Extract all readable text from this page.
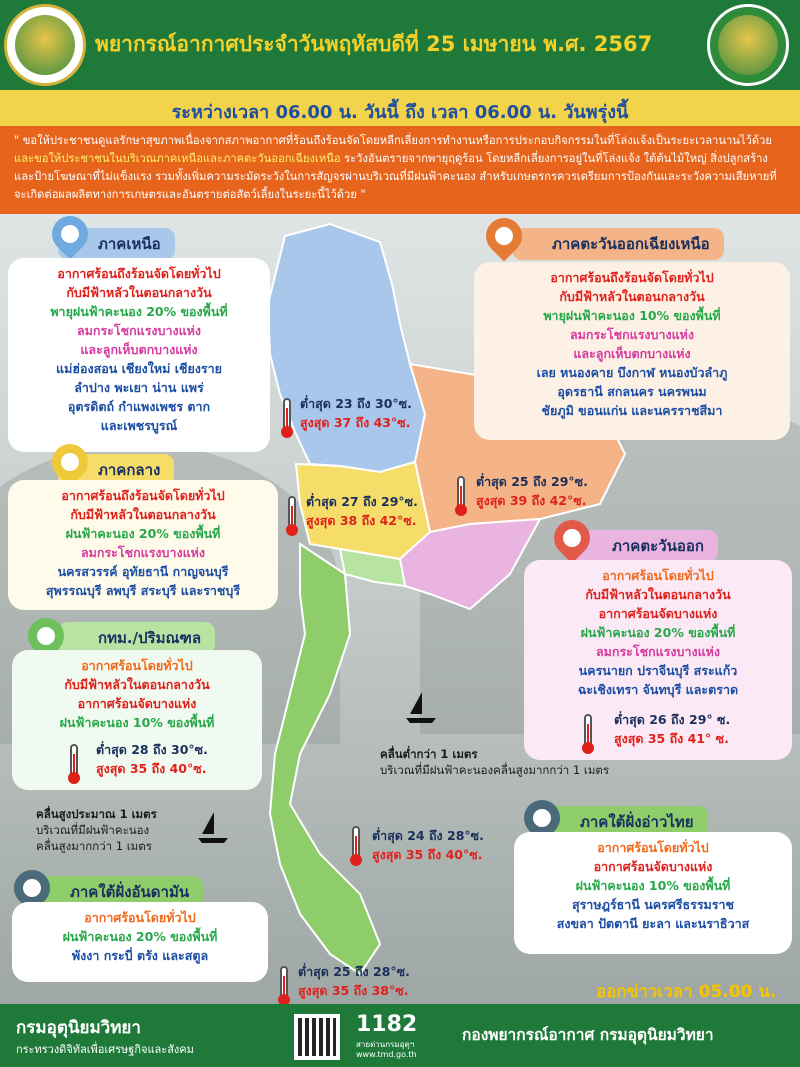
พยากรณ์อากาศประจำวันพฤหัสบดีที่ 25 เมษายน พ.ศ. 2567
ระหว่างเวลา 06.00 น. วันนี้ ถึง เวลา 06.00 น. วันพรุ่งนี้
" ขอให้ประชาชนดูแลรักษาสุขภาพเนื่องจากสภาพอากาศที่ร้อนถึงร้อนจัดโดยหลีกเลี่ยงการทำงานหรือการประกอบกิจกรรมในที่โล่งแจ้งเป็นระยะเวลานานไว้ด้วย และขอให้ประชาชนในบริเวณภาคเหนือและภาคตะวันออกเฉียงเหนือ ระวังอันตรายจากพายุฤดูร้อน โดยหลีกเลี่ยงการอยู่ในที่โล่งแจ้ง ใต้ต้นไม้ใหญ่ สิ่งปลูกสร้าง และป้ายโฆษณาที่ไม่แข็งแรง รวมทั้งเพิ่มความระมัดระวังในการสัญจรผ่านบริเวณที่มีฝนฟ้าคะนอง สำหรับเกษตรกรควรเตรียมการป้องกันและระวังความเสียหายที่จะเกิดต่อผลผลิตทางการเกษตรและอันตรายต่อสัตว์เลี้ยงในระยะนี้ไว้ด้วย "
ภาคเหนือ
อากาศร้อนถึงร้อนจัดโดยทั่วไป
กับมีฟ้าหลัวในตอนกลางวัน
พายุฝนฟ้าคะนอง 20% ของพื้นที่
ลมกระโชกแรงบางแห่ง
และลูกเห็บตกบางแห่ง
แม่ฮ่องสอน เชียงใหม่ เชียงราย
ลำปาง พะเยา น่าน แพร่
อุตรดิตถ์ กำแพงเพชร ตาก
และเพชรบูรณ์
ต่ำสุด 23 ถึง 30°ซ.
สูงสุด 37 ถึง 43°ซ.
ภาคตะวันออกเฉียงเหนือ
อากาศร้อนถึงร้อนจัดโดยทั่วไป
กับมีฟ้าหลัวในตอนกลางวัน
พายุฝนฟ้าคะนอง 10% ของพื้นที่
ลมกระโชกแรงบางแห่ง
และลูกเห็บตกบางแห่ง
เลย หนองคาย บึงกาฬ หนองบัวลำภู
อุดรธานี สกลนคร นครพนม
ชัยภูมิ ขอนแก่น และนครราชสีมา
ต่ำสุด 25 ถึง 29°ซ.
สูงสุด 39 ถึง 42°ซ.
ภาคกลาง
อากาศร้อนถึงร้อนจัดโดยทั่วไป
กับมีฟ้าหลัวในตอนกลางวัน
ฝนฟ้าคะนอง 20% ของพื้นที่
ลมกระโชกแรงบางแห่ง
นครสวรรค์ อุทัยธานี กาญจนบุรี
สุพรรณบุรี ลพบุรี สระบุรี และราชบุรี
ต่ำสุด 27 ถึง 29°ซ.
สูงสุด 38 ถึง 42°ซ.
ภาคตะวันออก
อากาศร้อนโดยทั่วไป
กับมีฟ้าหลัวในตอนกลางวัน
อากาศร้อนจัดบางแห่ง
ฝนฟ้าคะนอง 20% ของพื้นที่
ลมกระโชกแรงบางแห่ง
นครนายก ปราจีนบุรี สระแก้ว
ฉะเชิงเทรา จันทบุรี และตราด
ต่ำสุด 26 ถึง 29° ซ.
สูงสุด 35 ถึง 41° ซ.
กทม./ปริมณฑล
อากาศร้อนโดยทั่วไป
กับมีฟ้าหลัวในตอนกลางวัน
อากาศร้อนจัดบางแห่ง
ฝนฟ้าคะนอง 10% ของพื้นที่
ต่ำสุด 28 ถึง 30°ซ.
สูงสุด 35 ถึง 40°ซ.
คลื่นต่ำกว่า 1 เมตร
บริเวณที่มีฝนฟ้าคะนองคลื่นสูงมากกว่า 1 เมตร
คลื่นสูงประมาณ 1 เมตร
บริเวณที่มีฝนฟ้าคะนอง
คลื่นสูงมากกว่า 1 เมตร
ภาคใต้ฝั่งอ่าวไทย
อากาศร้อนโดยทั่วไป
อากาศร้อนจัดบางแห่ง
ฝนฟ้าคะนอง 10% ของพื้นที่
สุราษฎร์ธานี นครศรีธรรมราช
สงขลา ปัตตานี ยะลา และนราธิวาส
ต่ำสุด 24 ถึง 28°ซ.
สูงสุด 35 ถึง 40°ซ.
ภาคใต้ฝั่งอันดามัน
อากาศร้อนโดยทั่วไป
ฝนฟ้าคะนอง 20% ของพื้นที่
พังงา กระบี่ ตรัง และสตูล
ต่ำสุด 25 ถึง 28°ซ.
สูงสุด 35 ถึง 38°ซ.	ออกข่าวเวลา 05.00 น.
กรมอุตุนิยมวิทยา
กระทรวงดิจิทัลเพื่อเศรษฐกิจและสังคม
1182
สายด่วนกรมอุตุฯ
www.tmd.go.th
กองพยากรณ์อากาศ กรมอุตุนิยมวิทยา
